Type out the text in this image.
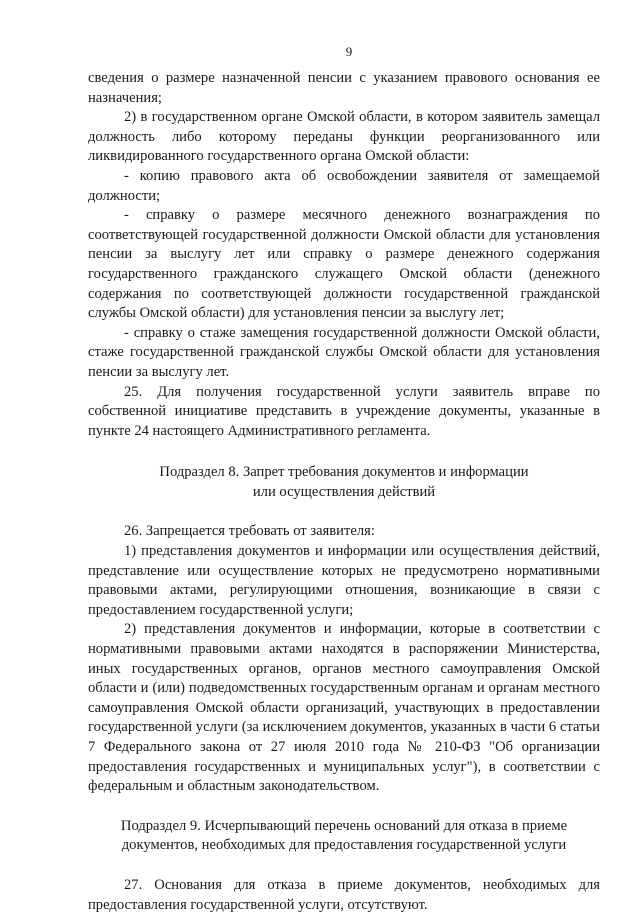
9

сведения о размере назначенной пенсии с указанием правового основания ее назначения;

2) в государственном органе Омской области, в котором заявитель замещал должность либо которому переданы функции реорганизованного или ликвидированного государственного органа Омской области:

- копию правового акта об освобождении заявителя от замещаемой должности;

- справку о размере месячного денежного вознаграждения по соответствующей государственной должности Омской области для установления пенсии за выслугу лет или справку о размере денежного содержания государственного гражданского служащего Омской области (денежного содержания по соответствующей должности государственной гражданской службы Омской области) для установления пенсии за выслугу лет;

- справку о стаже замещения государственной должности Омской области, стаже государственной гражданской службы Омской области для установления пенсии за выслугу лет.

25. Для получения государственной услуги заявитель вправе по собственной инициативе представить в учреждение документы, указанные в пункте 24 настоящего Административного регламента.

Подраздел 8. Запрет требования документов и информации
или осуществления действий

26. Запрещается требовать от заявителя:

1) представления документов и информации или осуществления действий, представление или осуществление которых не предусмотрено нормативными правовыми актами, регулирующими отношения, возникающие в связи с предоставлением государственной услуги;

2) представления документов и информации, которые в соответствии с нормативными правовыми актами находятся в распоряжении Министерства, иных государственных органов, органов местного самоуправления Омской области и (или) подведомственных государственным органам и органам местного самоуправления Омской области организаций, участвующих в предоставлении государственной услуги (за исключением документов, указанных в части 6 статьи 7 Федерального закона от 27 июля 2010 года № 210-ФЗ "Об организации предоставления государственных и муниципальных услуг"), в соответствии с федеральным и областным законодательством.

Подраздел 9. Исчерпывающий перечень оснований для отказа в приеме
документов, необходимых для предоставления государственной услуги

27. Основания для отказа в приеме документов, необходимых для предоставления государственной услуги, отсутствуют.
